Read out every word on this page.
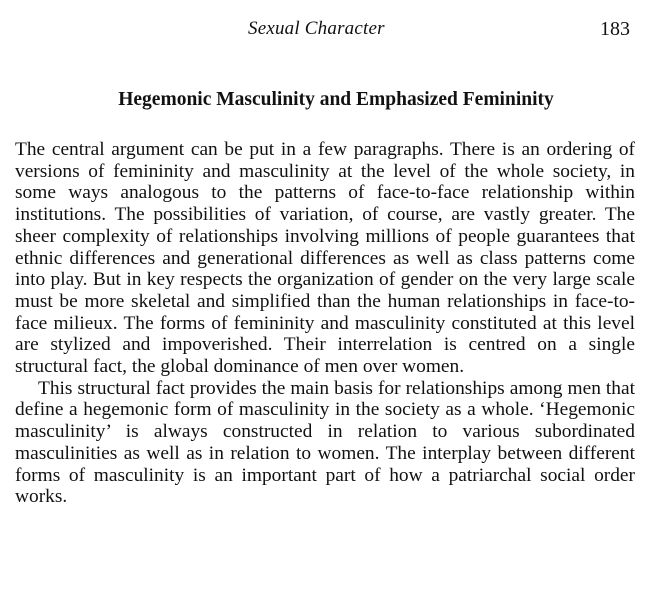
Sexual Character	183
Hegemonic Masculinity and Emphasized Femininity

The central argument can be put in a few paragraphs. There is an ordering of versions of femininity and masculinity at the level of the whole society, in some ways analogous to the patterns of face-to-face relationship within institutions. The possibilities of variation, of course, are vastly greater. The sheer complexity of relationships involving millions of people guarantees that ethnic differences and generational differences as well as class patterns come into play. But in key respects the organization of gender on the very large scale must be more skeletal and simplified than the human relationships in face-to-face milieux. The forms of femininity and masculinity constituted at this level are stylized and impoverished. Their interrelation is centred on a single structural fact, the global dominance of men over women.

This structural fact provides the main basis for relationships among men that define a hegemonic form of masculinity in the society as a whole. ‘Hegemonic masculinity’ is always constructed in relation to various subordinated masculinities as well as in relation to women. The interplay between different forms of masculinity is an important part of how a patriarchal social order works.
